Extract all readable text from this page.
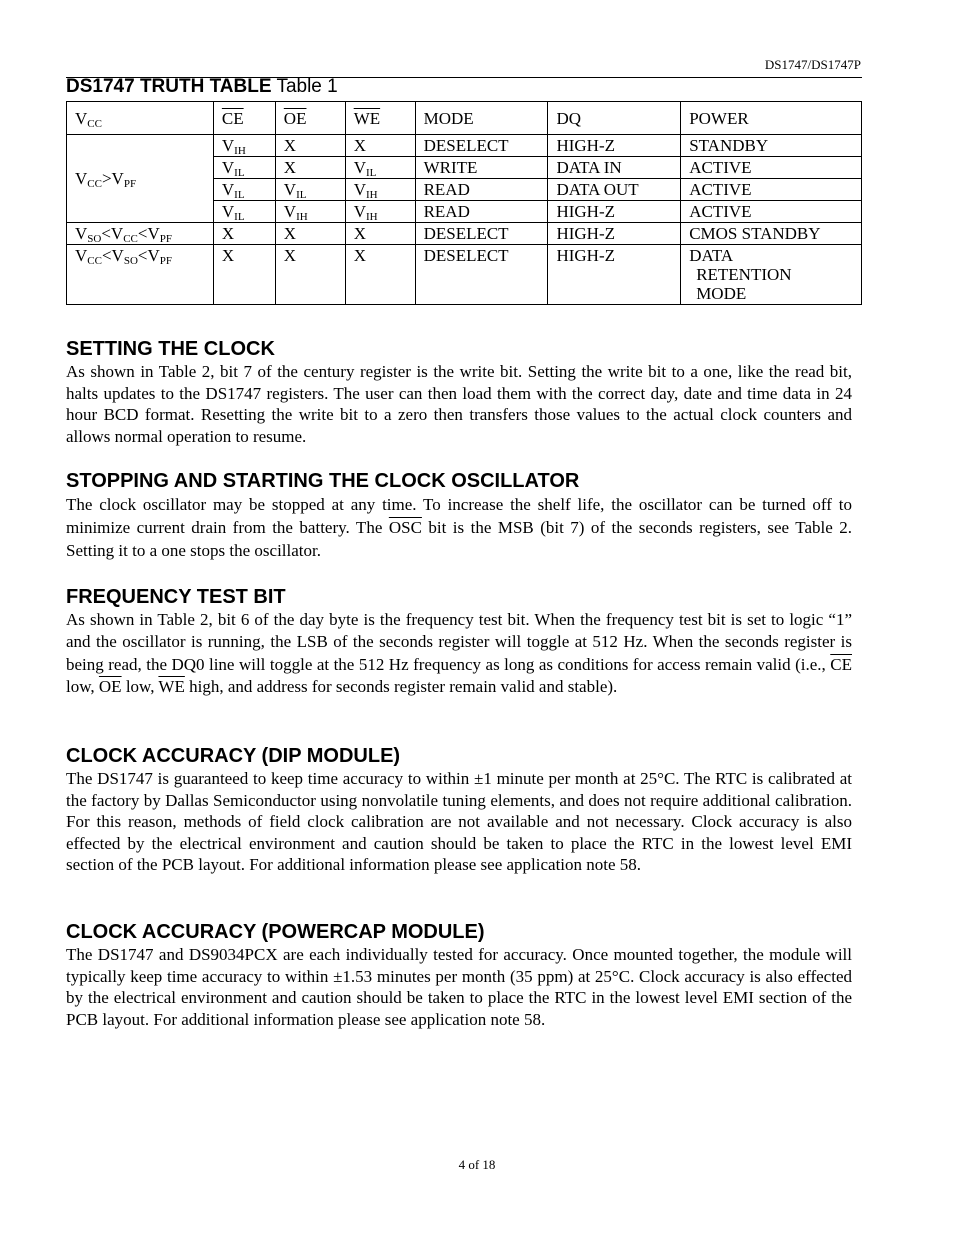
DS1747/DS1747P
DS1747 TRUTH TABLE Table 1
$V_{CC}$	$\overline{CE}$	$\overline{OE}$	$\overline{WE}$	MODE	DQ	POWER
$V_{CC}>V_{PF}$	$V_{IH}$	X	X	DESELECT	HIGH-Z	STANDBY
	$V_{IL}$	X	$V_{IL}$	WRITE	DATA IN	ACTIVE
	$V_{IL}$	$V_{IL}$	$V_{IH}$	READ	DATA OUT	ACTIVE
	$V_{IL}$	$V_{IH}$	$V_{IH}$	READ	HIGH-Z	ACTIVE
$V_{SO}<V_{CC}<V_{PF}$	X	X	X	DESELECT	HIGH-Z	CMOS STANDBY
$V_{CC}<V_{SO}<V_{PF}$	X	X	X	DESELECT	HIGH-Z	DATA
RETENTION
MODE
SETTING THE CLOCK

As shown in Table 2, bit 7 of the century register is the write bit. Setting the write bit to a one, like the read bit, halts updates to the DS1747 registers. The user can then load them with the correct day, date and time data in 24 hour BCD format. Resetting the write bit to a zero then transfers those values to the actual clock counters and allows normal operation to resume.

STOPPING AND STARTING THE CLOCK OSCILLATOR

The clock oscillator may be stopped at any time. To increase the shelf life, the oscillator can be turned off to minimize current drain from the battery. The $\overline{OSC}$ bit is the MSB (bit 7) of the seconds registers, see Table 2. Setting it to a one stops the oscillator.

FREQUENCY TEST BIT

As shown in Table 2, bit 6 of the day byte is the frequency test bit. When the frequency test bit is set to logic “1” and the oscillator is running, the LSB of the seconds register will toggle at 512 Hz. When the seconds register is being read, the DQ0 line will toggle at the 512 Hz frequency as long as conditions for access remain valid (i.e., $\overline{CE}$ low, $\overline{OE}$ low, $\overline{WE}$ high, and address for seconds register remain valid and stable).

CLOCK ACCURACY (DIP MODULE)

The DS1747 is guaranteed to keep time accuracy to within ±1 minute per month at 25°C. The RTC is calibrated at the factory by Dallas Semiconductor using nonvolatile tuning elements, and does not require additional calibration. For this reason, methods of field clock calibration are not available and not necessary. Clock accuracy is also effected by the electrical environment and caution should be taken to place the RTC in the lowest level EMI section of the PCB layout. For additional information please see application note 58.

CLOCK ACCURACY (POWERCAP MODULE)

The DS1747 and DS9034PCX are each individually tested for accuracy. Once mounted together, the module will typically keep time accuracy to within ±1.53 minutes per month (35 ppm) at 25°C. Clock accuracy is also effected by the electrical environment and caution should be taken to place the RTC in the lowest level EMI section of the PCB layout. For additional information please see application note 58.

4 of 18
